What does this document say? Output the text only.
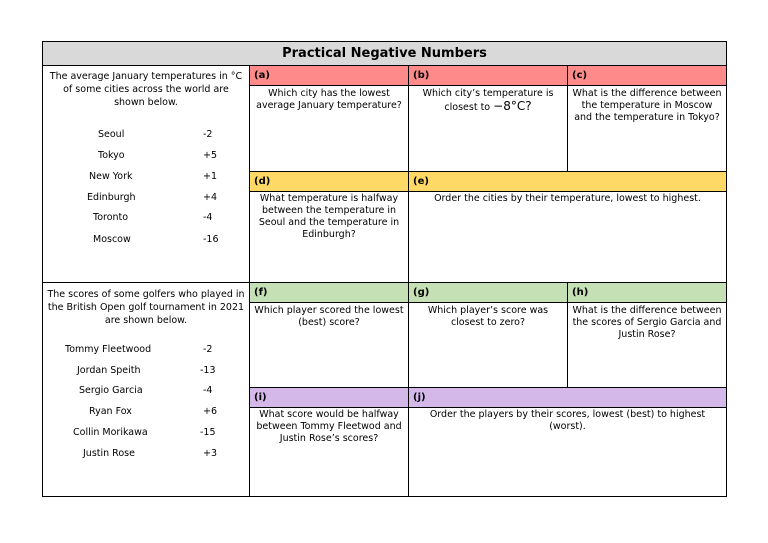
Practical Negative Numbers
The average January temperatures in °C of some cities across the world are shown below.
Seoul	-2
Tokyo	+5
New York	+1
Edinburgh	+4
Toronto	-4
Moscow	-16
(a)	(b)	(c)
Which city has the lowest average January temperature?
Which city’s temperature is closest to −8°C?
What is the difference between the temperature in Moscow and the temperature in Tokyo?
(d)	(e)
What temperature is halfway between the temperature in Seoul and the temperature in Edinburgh?
Order the cities by their temperature, lowest to highest.
The scores of some golfers who played in the British Open golf tournament in 2021 are shown below.
Tommy Fleetwood	-2
Jordan Speith	-13
Sergio Garcia	-4
Ryan Fox	+6
Collin Morikawa	-15
Justin Rose	+3
(f)	(g)	(h)
Which player scored the lowest (best) score?
Which player’s score was closest to zero?
What is the difference between the scores of Sergio Garcia and Justin Rose?
(i)	(j)
What score would be halfway between Tommy Fleetwod and Justin Rose’s scores?
Order the players by their scores, lowest (best) to highest (worst).
